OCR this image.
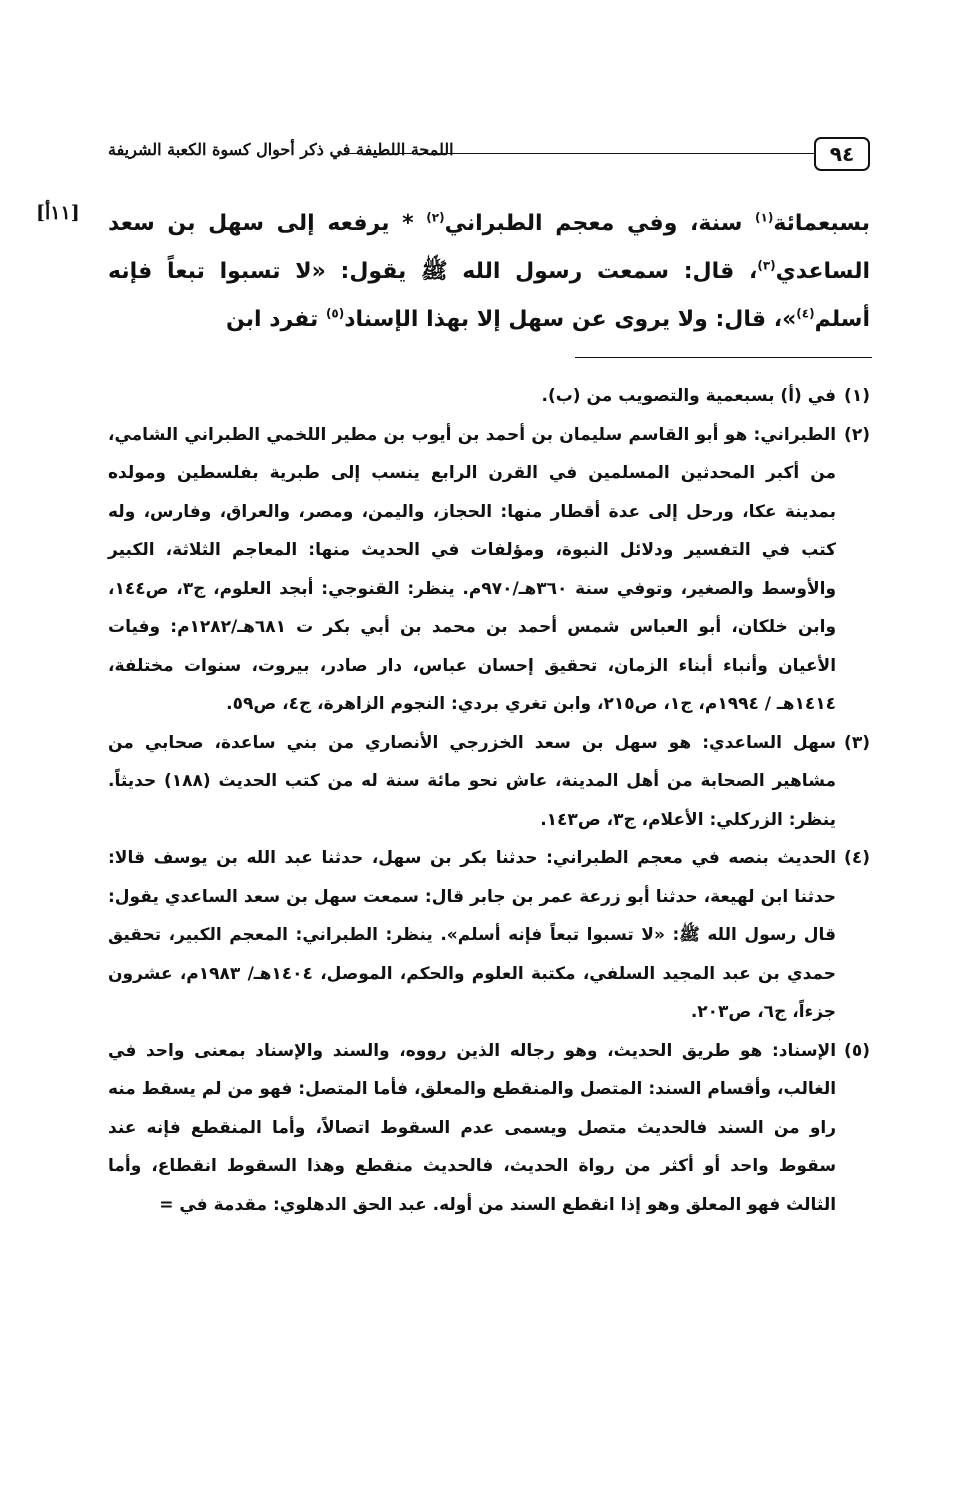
٩٤
اللمحة اللطيفة في ذكر أحوال كسوة الكعبة الشريفة
[١١أ]	بسبعمائة$^{(١)}$ سنة، وفي معجم الطبراني$^{(٢)}$ * يرفعه إلى سهل بن سعد الساعدي$^{(٣)}$، قال: سمعت رسول الله ﷺ يقول: «لا تسبوا تبعاً فإنه أسلم$^{(٤)}$»، قال: ولا يروى عن سهل إلا بهذا الإسناد$^{(٥)}$ تفرد ابن
(١)
في (أ) بسبعمية والتصويب من (ب).
(٢)
الطبراني: هو أبو القاسم سليمان بن أحمد بن أيوب بن مطير اللخمي الطبراني الشامي، من أكبر المحدثين المسلمين في القرن الرابع ينسب إلى طبرية بفلسطين ومولده بمدينة عكا، ورحل إلى عدة أقطار منها: الحجاز، واليمن، ومصر، والعراق، وفارس، وله كتب في التفسير ودلائل النبوة، ومؤلفات في الحديث منها: المعاجم الثلاثة، الكبير والأوسط والصغير، وتوفي سنة ٣٦٠هـ/٩٧٠م. ينظر: القنوجي: أبجد العلوم، ج٣، ص١٤٤، وابن خلكان، أبو العباس شمس أحمد بن محمد بن أبي بكر ت ٦٨١هـ/١٢٨٢م: وفيات الأعيان وأنباء أبناء الزمان، تحقيق إحسان عباس، دار صادر، بيروت، سنوات مختلفة، ١٤١٤هـ / ١٩٩٤م، ج١، ص٢١٥، وابن تغري بردي: النجوم الزاهرة، ج٤، ص٥٩.
(٣)
سهل الساعدي: هو سهل بن سعد الخزرجي الأنصاري من بني ساعدة، صحابي من مشاهير الصحابة من أهل المدينة، عاش نحو مائة سنة له من كتب الحديث (١٨٨) حديثاً. ينظر: الزركلي: الأعلام، ج٣، ص١٤٣.
(٤)
الحديث بنصه في معجم الطبراني: حدثنا بكر بن سهل، حدثنا عبد الله بن يوسف قالا: حدثنا ابن لهيعة، حدثنا أبو زرعة عمر بن جابر قال: سمعت سهل بن سعد الساعدي يقول: قال رسول الله ﷺ: «لا تسبوا تبعاً فإنه أسلم». ينظر: الطبراني: المعجم الكبير، تحقيق حمدي بن عبد المجيد السلفي، مكتبة العلوم والحكم، الموصل، ١٤٠٤هـ/ ١٩٨٣م، عشرون جزءاً، ج٦، ص٢٠٣.
(٥)
الإسناد: هو طريق الحديث، وهو رجاله الذين رووه، والسند والإسناد بمعنى واحد في الغالب، وأقسام السند: المتصل والمنقطع والمعلق، فأما المتصل: فهو من لم يسقط منه راو من السند فالحديث متصل ويسمى عدم السقوط اتصالاً، وأما المنقطع فإنه عند سقوط واحد أو أكثر من رواة الحديث، فالحديث منقطع وهذا السقوط انقطاع، وأما الثالث فهو المعلق وهو إذا انقطع السند من أوله. عبد الحق الدهلوي: مقدمة في =
